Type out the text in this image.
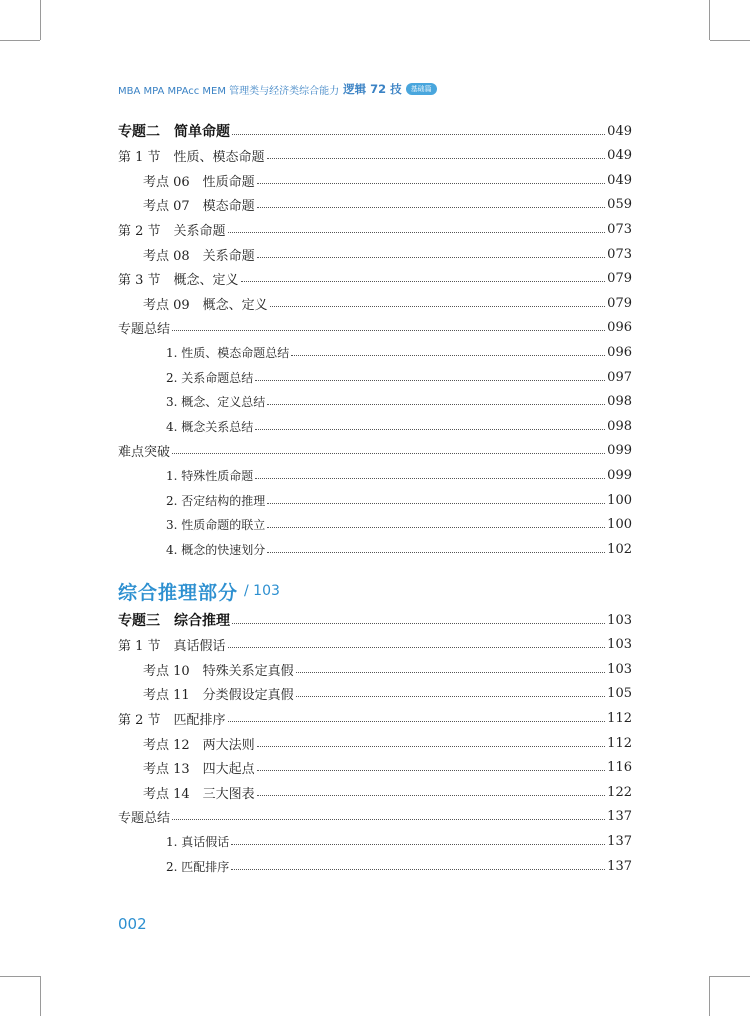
MBA MPA MPAcc MEM 管理类与经济类综合能力 逻辑 72 技	基础篇
专题二　简单命题	049
第 1 节　性质、模态命题	049
考点 06　性质命题	049
考点 07　模态命题	059
第 2 节　关系命题	073
考点 08　关系命题	073
第 3 节　概念、定义	079
考点 09　概念、定义	079
专题总结	096
1. 性质、模态命题总结	096
2. 关系命题总结	097
3. 概念、定义总结	098
4. 概念关系总结	098
难点突破	099
1. 特殊性质命题	099
2. 否定结构的推理	100
3. 性质命题的联立	100
4. 概念的快速划分	102
综合推理部分 / 103
专题三　综合推理	103
第 1 节　真话假话	103
考点 10　特殊关系定真假	103
考点 11　分类假设定真假	105
第 2 节　匹配排序	112
考点 12　两大法则	112
考点 13　四大起点	116
考点 14　三大图表	122
专题总结	137
1. 真话假话	137
2. 匹配排序	137
002
